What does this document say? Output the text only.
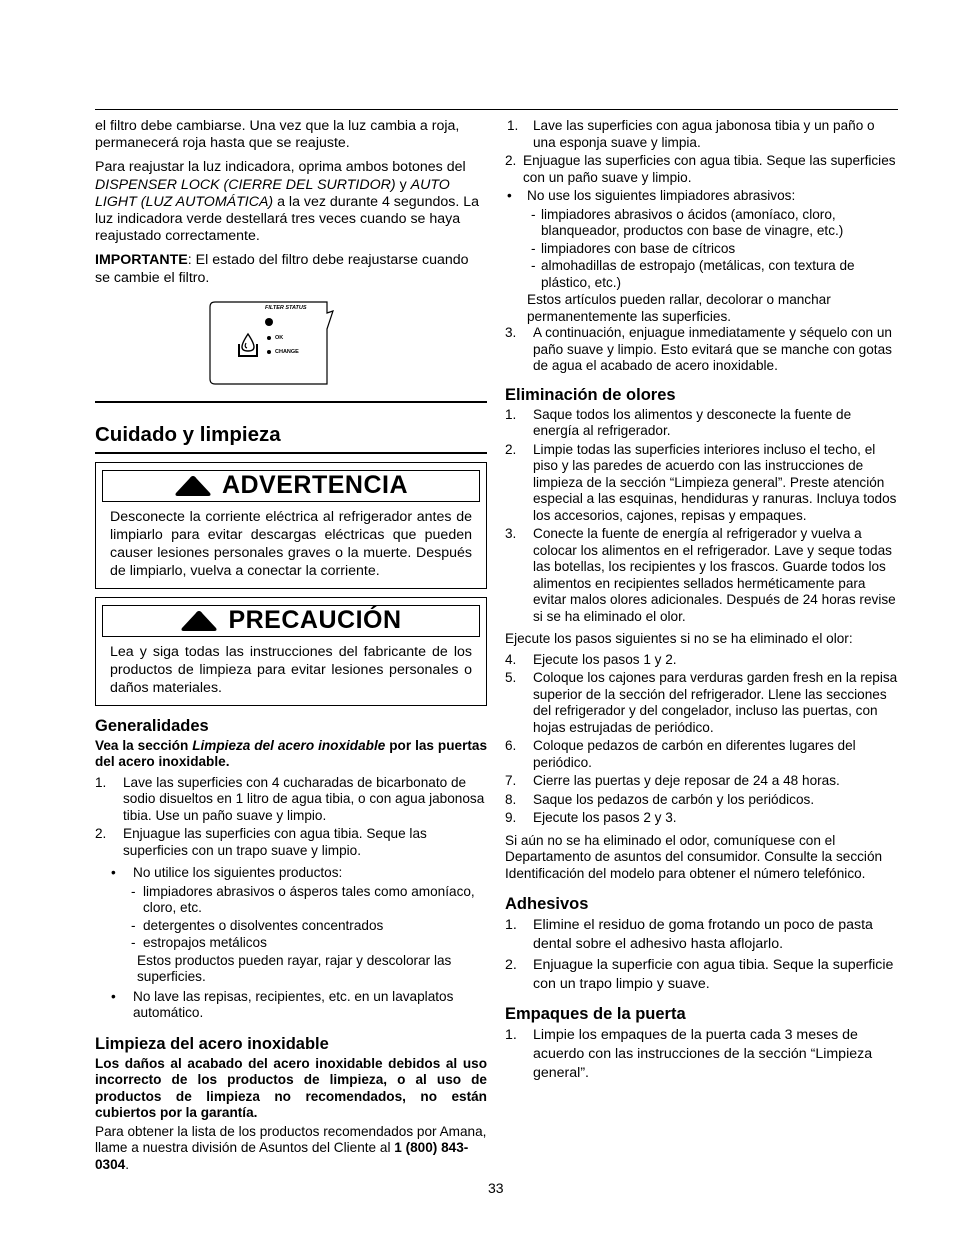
el filtro debe cambiarse. Una vez que la luz cambia a roja, permanecerá roja hasta que se reajuste.

Para reajustar la luz indicadora, oprima ambos botones del DISPENSER LOCK (CIERRE DEL SURTIDOR) y AUTO LIGHT (LUZ AUTOMÁTICA) a la vez durante 4 segundos. La luz indicadora verde destellará tres veces cuando se haya reajustado correctamente.

IMPORTANTE: El estado del filtro debe reajustarse cuando se cambie el filtro.

FILTER STATUS
OK
CHANGE
Cuidado y limpieza
ADVERTENCIA
Desconecte la corriente eléctrica al refrigerador antes de limpiarlo para evitar descargas eléctricas que pueden causer lesiones personales graves o la muerte. Después de limpiarlo, vuelva a conectar la corriente.
PRECAUCIÓN
Lea y siga todas las instrucciones del fabricante de los productos de limpieza para evitar lesiones personales o daños materiales.
Generalidades
Vea la sección Limpieza del acero inoxidable por las puertas del acero inoxidable.
1. Lave las superficies con 4 cucharadas de bicarbonato de sodio disueltos en 1 litro de agua tibia, o con agua jabonosa tibia. Use un paño suave y limpio.
2. Enjuague las superficies con agua tibia. Seque las superficies con un trapo suave y limpio.
• No utilice los siguientes productos:
- limpiadores abrasivos o ásperos tales como amoníaco, cloro, etc.
- detergentes o disolventes concentrados
- estropajos metálicos
Estos productos pueden rayar, rajar y descolorar las superficies.
• No lave las repisas, recipientes, etc. en un lavaplatos automático.
Limpieza del acero inoxidable
Los daños al acabado del acero inoxidable debidos al uso incorrecto de los productos de limpieza, o al uso de productos de limpieza no recomendados, no están cubiertos por la garantía.
Para obtener la lista de los productos recomendados por Amana, llame a nuestra división de Asuntos del Cliente al 1 (800) 843-0304.
1. Lave las superficies con agua jabonosa tibia y un paño o una esponja suave y limpia.
2. Enjuague las superficies con agua tibia. Seque las superficies con un paño suave y limpio.
• No use los siguientes limpiadores abrasivos:
- limpiadores abrasivos o ácidos (amoníaco, cloro, blanqueador, productos con base de vinagre, etc.)
- limpiadores con base de cítricos
- almohadillas de estropajo (metálicas, con textura de plástico, etc.)
Estos artículos pueden rallar, decolorar o manchar permanentemente las superficies.
3. A continuación, enjuague inmediatamente y séquelo con un paño suave y limpio. Esto evitará que se manche con gotas de agua el acabado de acero inoxidable.
Eliminación de olores
1. Saque todos los alimentos y desconecte la fuente de energía al refrigerador.
2. Limpie todas las superficies interiores incluso el techo, el piso y las paredes de acuerdo con las instrucciones de limpieza de la sección “Limpieza general”. Preste atención especial a las esquinas, hendiduras y ranuras. Incluya todos los accesorios, cajones, repisas y empaques.
3. Conecte la fuente de energía al refrigerador y vuelva a colocar los alimentos en el refrigerador. Lave y seque todas las botellas, los recipientes y los frascos. Guarde todos los alimentos en recipientes sellados herméticamente para evitar malos olores adicionales. Después de 24 horas revise si se ha eliminado el olor.
Ejecute los pasos siguientes si no se ha eliminado el olor:
4. Ejecute los pasos 1 y 2.
5. Coloque los cajones para verduras garden fresh en la repisa superior de la sección del refrigerador. Llene las secciones del refrigerador y del congelador, incluso las puertas, con hojas estrujadas de periódico.
6. Coloque pedazos de carbón en diferentes lugares del periódico.
7. Cierre las puertas y deje reposar de 24 a 48 horas.
8. Saque los pedazos de carbón y los periódicos.
9. Ejecute los pasos 2 y 3.
Si aún no se ha eliminado el odor, comuníquese con el Departamento de asuntos del consumidor. Consulte la sección Identificación del modelo para obtener el número telefónico.
Adhesivos
1. Elimine el residuo de goma frotando un poco de pasta dental sobre el adhesivo hasta aflojarlo.
2. Enjuague la superficie con agua tibia. Seque la superficie con un trapo limpio y suave.
Empaques de la puerta
1. Limpie los empaques de la puerta cada 3 meses de acuerdo con las instrucciones de la sección “Limpieza general”.
33
